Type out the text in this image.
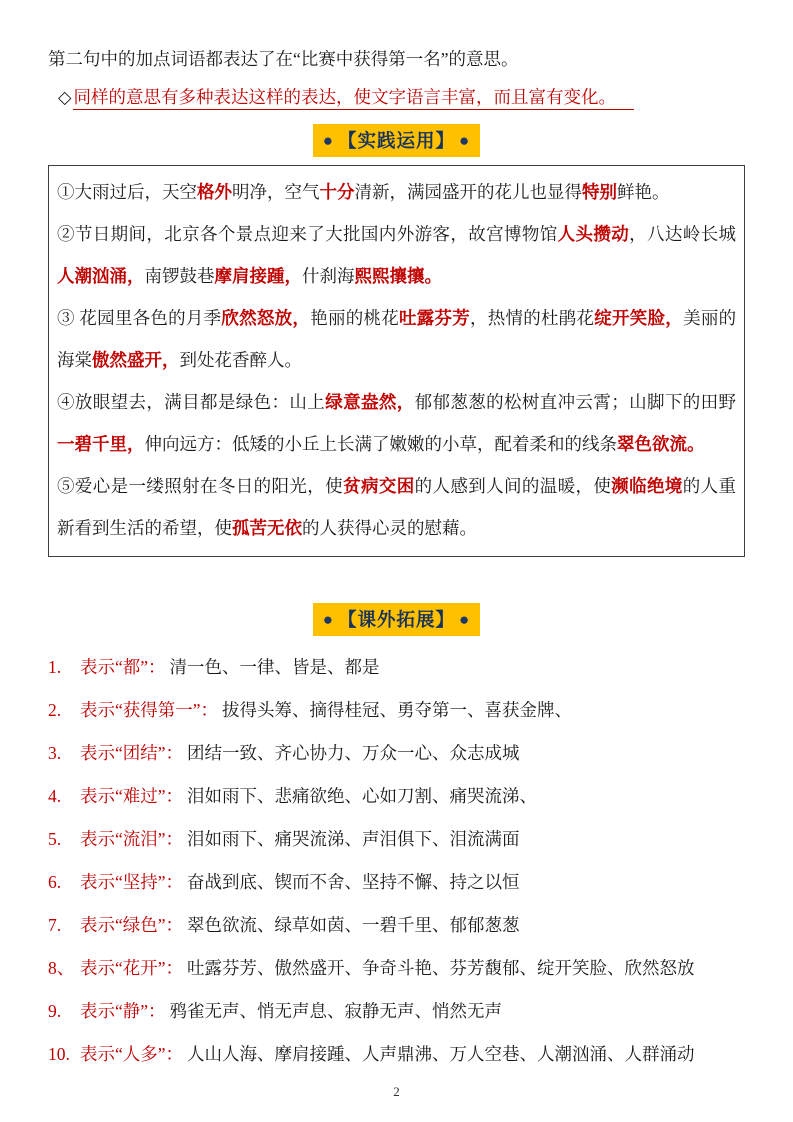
第二句中的加点词语都表达了在“比赛中获得第一名”的意思。

◇ 同样的意思有多种表达这样的表达，使文字语言丰富，而且富有变化。

● 【实践运用】 ●

①大雨过后，天空格外明净，空气十分清新，满园盛开的花儿也显得特别鲜艳。

②节日期间，北京各个景点迎来了大批国内外游客，故宫博物馆人头攒动，八达岭长城人潮汹涌，南锣鼓巷摩肩接踵，什刹海熙熙攘攘。

③ 花园里各色的月季欣然怒放，艳丽的桃花吐露芬芳，热情的杜鹃花绽开笑脸，美丽的海棠傲然盛开，到处花香醉人。

④放眼望去，满目都是绿色：山上绿意盎然，郁郁葱葱的松树直冲云霄；山脚下的田野一碧千里，伸向远方：低矮的小丘上长满了嫩嫩的小草，配着柔和的线条翠色欲流。

⑤爱心是一缕照射在冬日的阳光，使贫病交困的人感到人间的温暖，使濒临绝境的人重 新看到生活的希望，使孤苦无依的人获得心灵的慰藉。

● 【课外拓展】 ●
1. 表示“都”： 清一色、一律、皆是、都是
2. 表示“获得第一”： 拔得头筹、摘得桂冠、勇夺第一、喜获金牌、
3. 表示“团结”： 团结一致、齐心协力、万众一心、众志成城
4. 表示“难过”： 泪如雨下、悲痛欲绝、心如刀割、痛哭流涕、
5. 表示“流泪”： 泪如雨下、痛哭流涕、声泪俱下、泪流满面
6. 表示“坚持”： 奋战到底、锲而不舍、坚持不懈、持之以恒
7. 表示“绿色”： 翠色欲流、绿草如茵、一碧千里、郁郁葱葱
8、 表示“花开”： 吐露芬芳、傲然盛开、争奇斗艳、芬芳馥郁、绽开笑脸、欣然怒放
9. 表示“静”： 鸦雀无声、悄无声息、寂静无声、悄然无声
10. 表示“人多”： 人山人海、摩肩接踵、人声鼎沸、万人空巷、人潮汹涌、人群涌动
2
